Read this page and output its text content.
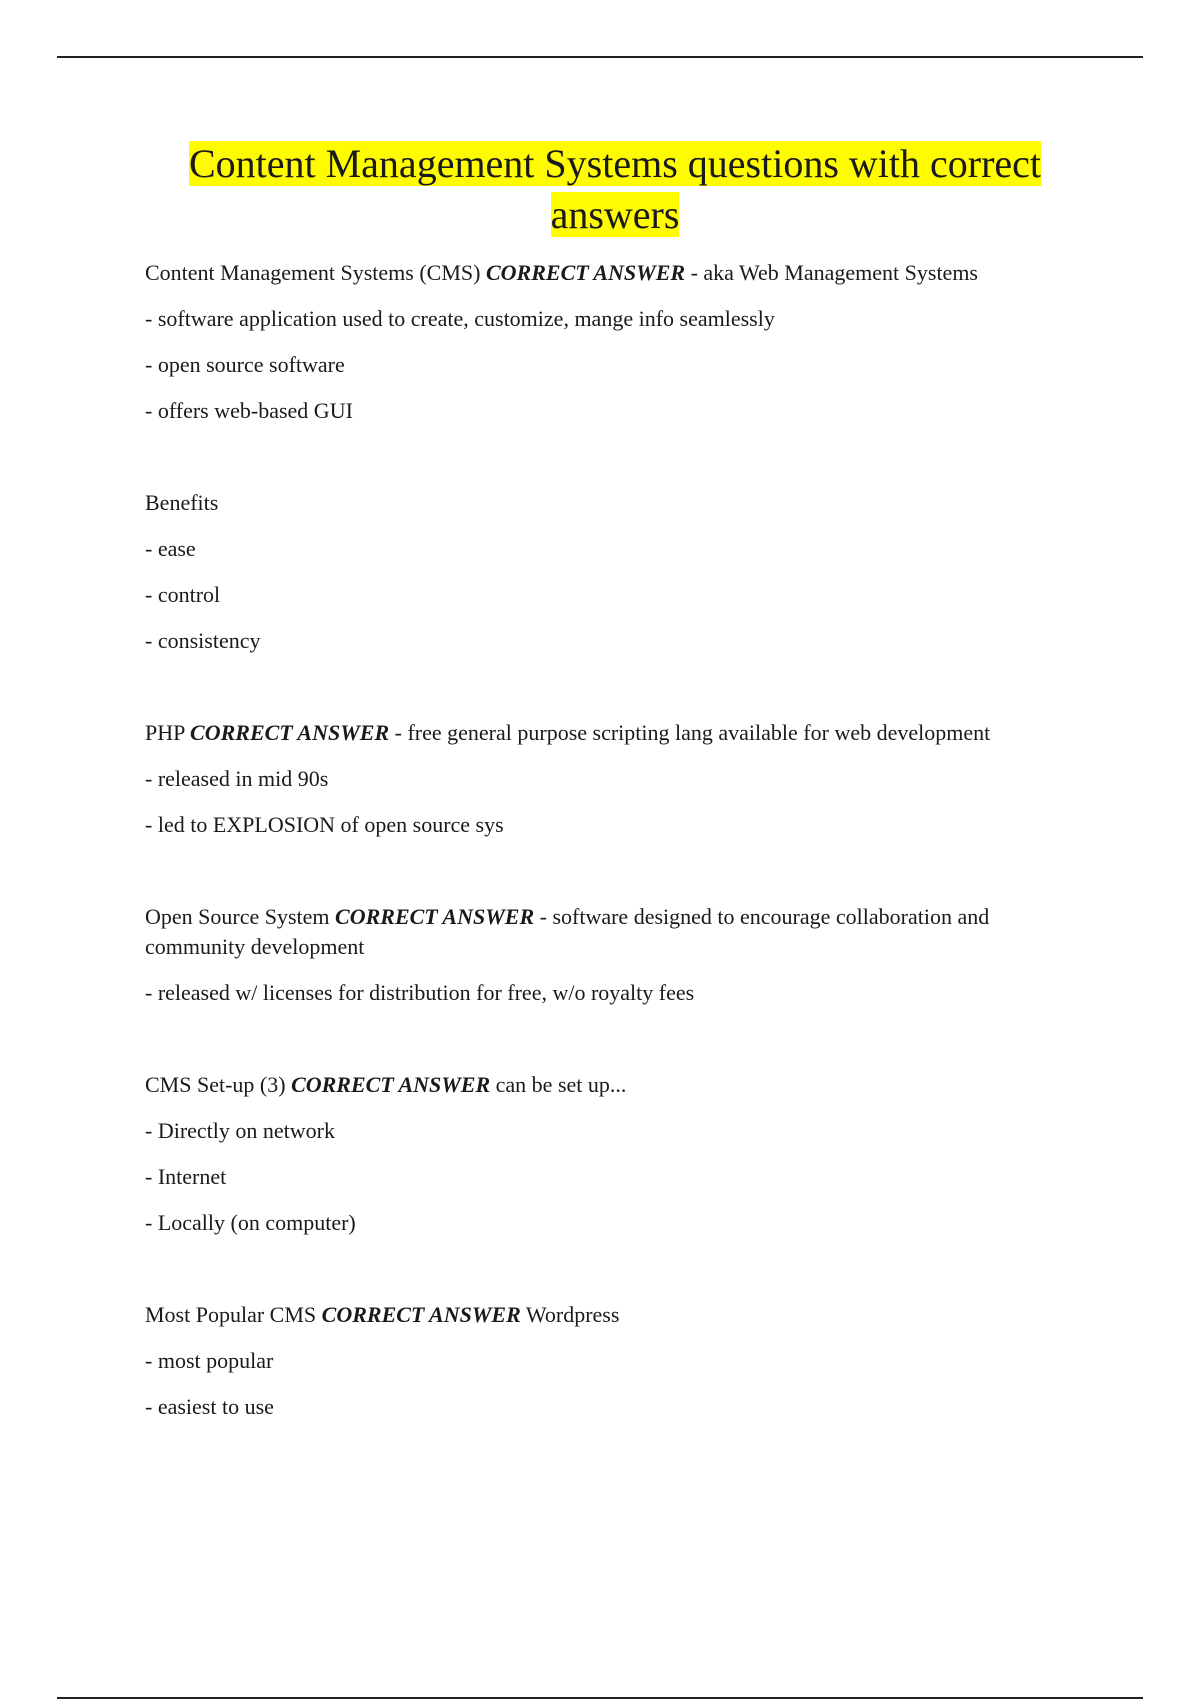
Content Management Systems questions with correct answers

Content Management Systems (CMS) CORRECT ANSWER - aka Web Management Systems

- software application used to create, customize, mange info seamlessly

- open source software

- offers web-based GUI

Benefits

- ease

- control

- consistency

PHP CORRECT ANSWER - free general purpose scripting lang available for web development

- released in mid 90s

- led to EXPLOSION of open source sys

Open Source System CORRECT ANSWER - software designed to encourage collaboration and community development

- released w/ licenses for distribution for free, w/o royalty fees

CMS Set-up (3) CORRECT ANSWER can be set up...

- Directly on network

- Internet

- Locally (on computer)

Most Popular CMS CORRECT ANSWER Wordpress

- most popular

- easiest to use
